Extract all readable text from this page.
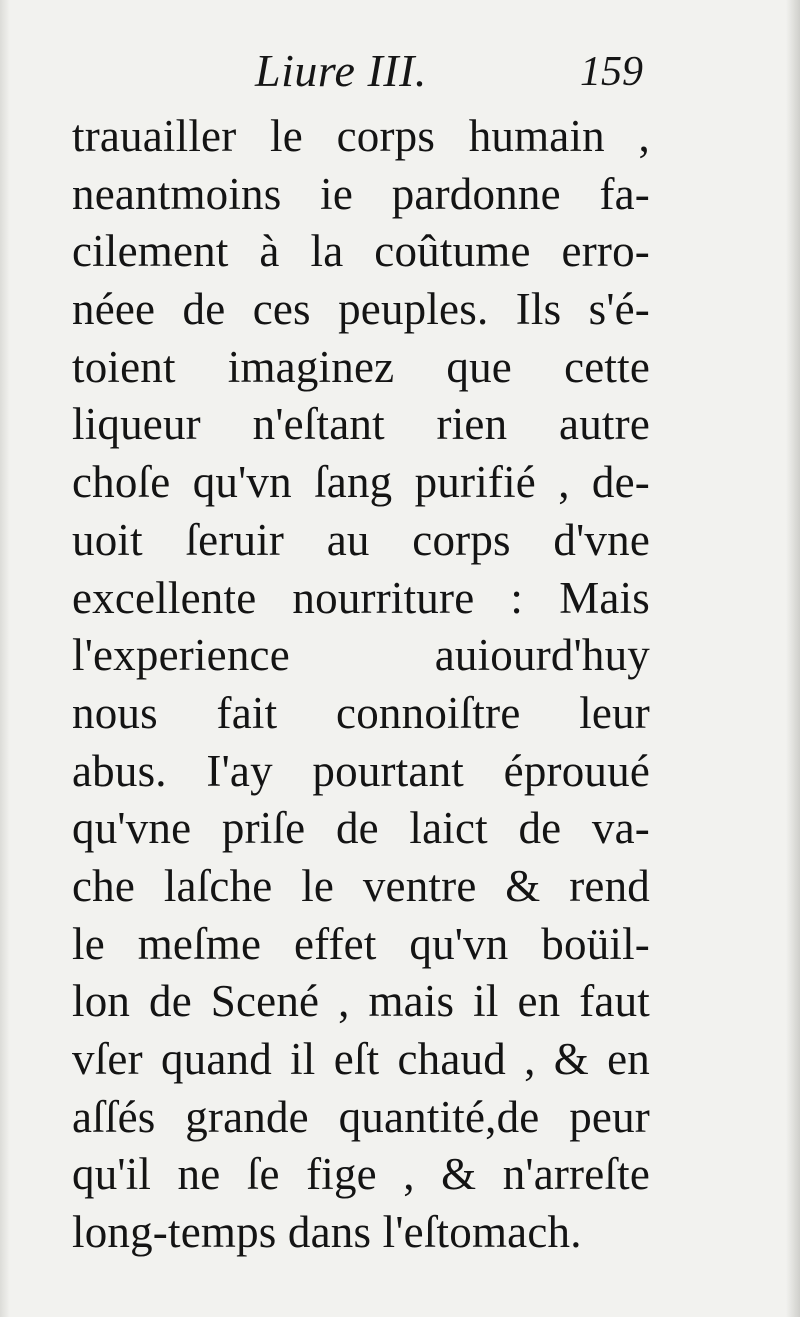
Liure III.	159
trauailler le corps humain ,
neantmoins ie pardonne fa-
cilement à la coûtume erro-
néee de ces peuples. Ils s'é-
toient imaginez que cette
liqueur n'eſtant rien autre
choſe qu'vn ſang purifié , de-
uoit ſeruir au corps d'vne
excellente nourriture : Mais
l'experience auiourd'huy
nous fait connoiſtre leur
abus. I'ay pourtant éprouué
qu'vne priſe de laict de va-
che laſche le ventre & rend
le meſme effet qu'vn boüil-
lon de Scené , mais il en faut
vſer quand il eſt chaud , & en
aſſés grande quantité,de peur
qu'il ne ſe fige , & n'arreſte
long-temps dans l'eſtomach.
